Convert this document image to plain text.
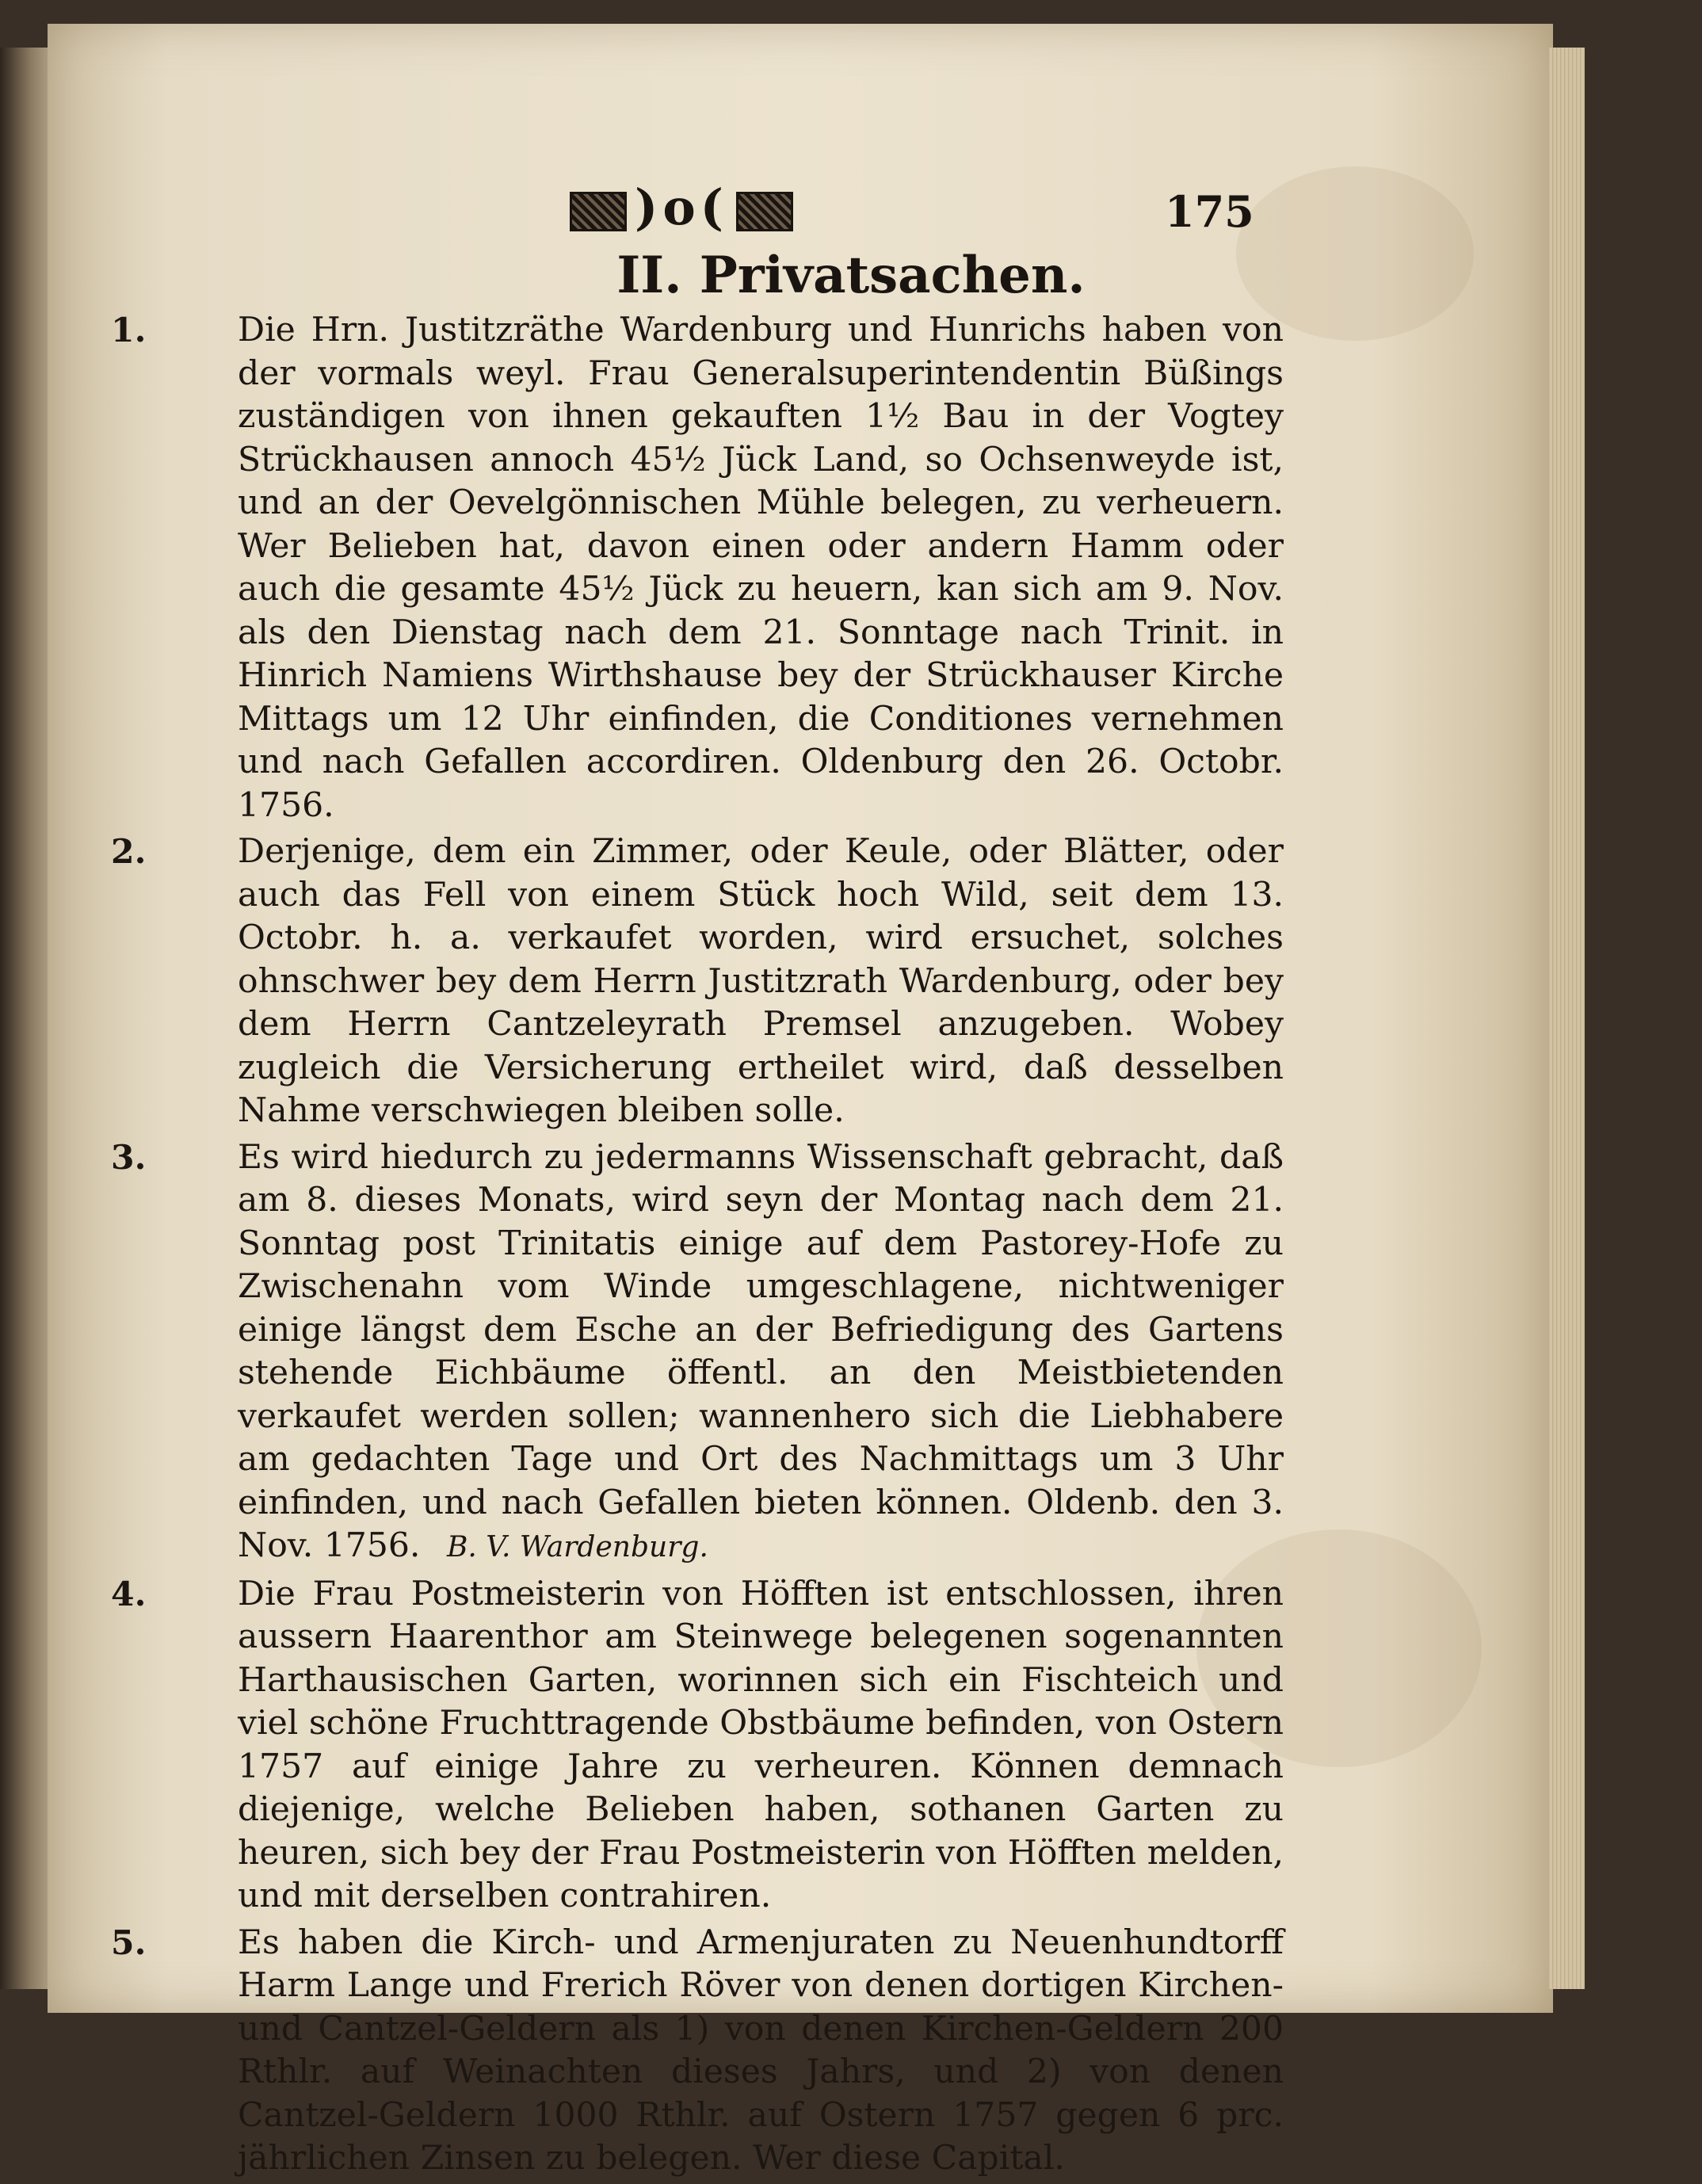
)o(	175
II. Privatsachen.
1.	Die Hrn. Justitzräthe Wardenburg und Hunrichs haben von der vormals weyl. Frau Generalsuperintendentin Büßings zuständigen von ihnen gekauften 1½ Bau in der Vogtey Strückhausen annoch 45½ Jück Land, so Ochsenweyde ist, und an der Oevelgönnischen Mühle belegen, zu verheuern. Wer Belieben hat, davon einen oder andern Hamm oder auch die gesamte 45½ Jück zu heuern, kan sich am 9. Nov. als den Dienstag nach dem 21. Sonntage nach Trinit. in Hinrich Namiens Wirthshause bey der Strückhauser Kirche Mittags um 12 Uhr einfinden, die Conditiones vernehmen und nach Gefallen accordiren. Oldenburg den 26. Octobr. 1756.
2.	Derjenige, dem ein Zimmer, oder Keule, oder Blätter, oder auch das Fell von einem Stück hoch Wild, seit dem 13. Octobr. h. a. verkaufet worden, wird ersuchet, solches ohnschwer bey dem Herrn Justitzrath Wardenburg, oder bey dem Herrn Cantzeleyrath Premsel anzugeben. Wobey zugleich die Versicherung ertheilet wird, daß desselben Nahme verschwiegen bleiben solle.
3.	Es wird hiedurch zu jedermanns Wissenschaft gebracht, daß am 8. dieses Monats, wird seyn der Montag nach dem 21. Sonntag post Trinitatis einige auf dem Pastorey-Hofe zu Zwischenahn vom Winde umgeschlagene, nichtweniger einige längst dem Esche an der Befriedigung des Gartens stehende Eichbäume öffentl. an den Meistbietenden verkaufet werden sollen; wannenhero sich die Liebhabere am gedachten Tage und Ort des Nachmittags um 3 Uhr einfinden, und nach Gefallen bieten können. Oldenb. den 3. Nov. 1756. B. V. Wardenburg.
4.	Die Frau Postmeisterin von Höfften ist entschlossen, ihren aussern Haarenthor am Steinwege belegenen sogenannten Harthausischen Garten, worinnen sich ein Fischteich und viel schöne Fruchttragende Obstbäume befinden, von Ostern 1757 auf einige Jahre zu verheuren. Können demnach diejenige, welche Belieben haben, sothanen Garten zu heuren, sich bey der Frau Postmeisterin von Höfften melden, und mit derselben contrahiren.
5.	Es haben die Kirch- und Armenjuraten zu Neuenhundtorff Harm Lange und Frerich Röver von denen dortigen Kirchen- und Cantzel-Geldern als 1) von denen Kirchen-Geldern 200 Rthlr. auf Weinachten dieses Jahrs, und 2) von denen Cantzel-Geldern 1000 Rthlr. auf Ostern 1757 gegen 6 prc. jährlichen Zinsen zu belegen. Wer diese Capital.
